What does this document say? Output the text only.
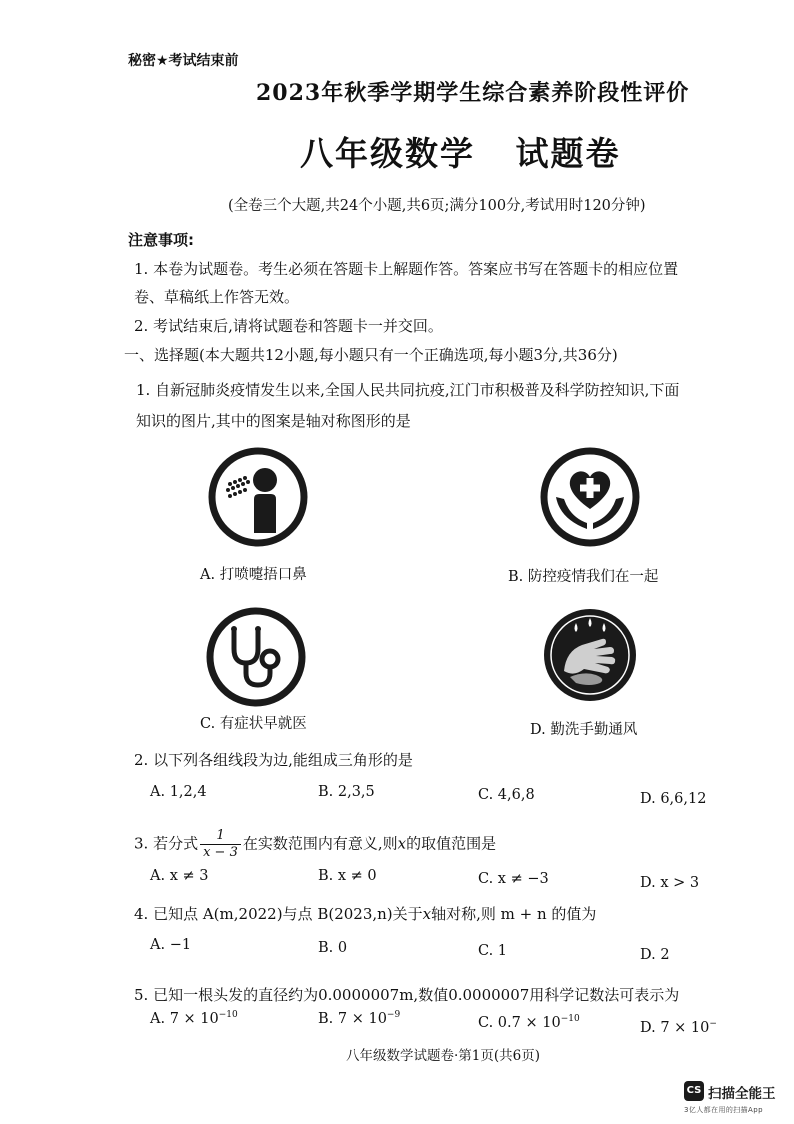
秘密★考试结束前
2023年秋季学期学生综合素养阶段性评价
八年级数学   试题卷
(全卷三个大题,共24个小题,共6页;满分100分,考试用时120分钟)
注意事项:
1. 本卷为试题卷。考生必须在答题卡上解题作答。答案应书写在答题卡的相应位置
卷、草稿纸上作答无效。
2. 考试结束后,请将试题卷和答题卡一并交回。
一、选择题(本大题共12小题,每小题只有一个正确选项,每小题3分,共36分)
1. 自新冠肺炎疫情发生以来,全国人民共同抗疫,江门市积极普及科学防控知识,下面
知识的图片,其中的图案是轴对称图形的是
A. 打喷嚏捂口鼻	B. 防控疫情我们在一起
C. 有症状早就医	D. 勤洗手勤通风
2. 以下列各组线段为边,能组成三角形的是
A. 1,2,4	B. 2,3,5	C. 4,6,8	D. 6,6,12
3. 若分式 $\frac{1}{x - 3}$ 在实数范围内有意义,则x的取值范围是
A. x ≠ 3	B. x ≠ 0	C. x ≠ −3	D. x > 3
4. 已知点 A(m,2022)与点 B(2023,n)关于x轴对称,则 m + n 的值为
A. −1	B. 0	C. 1	D. 2
5. 已知一根头发的直径约为0.0000007m,数值0.0000007用科学记数法可表示为
A. $7 \times 10^{-10}$	B. $7 \times 10^{-9}$	C. $0.7 \times 10^{-10}$
D. 7 × 10−
八年级数学试题卷·第1页(共6页)
CS 扫描全能王
3亿人都在用的扫描App
